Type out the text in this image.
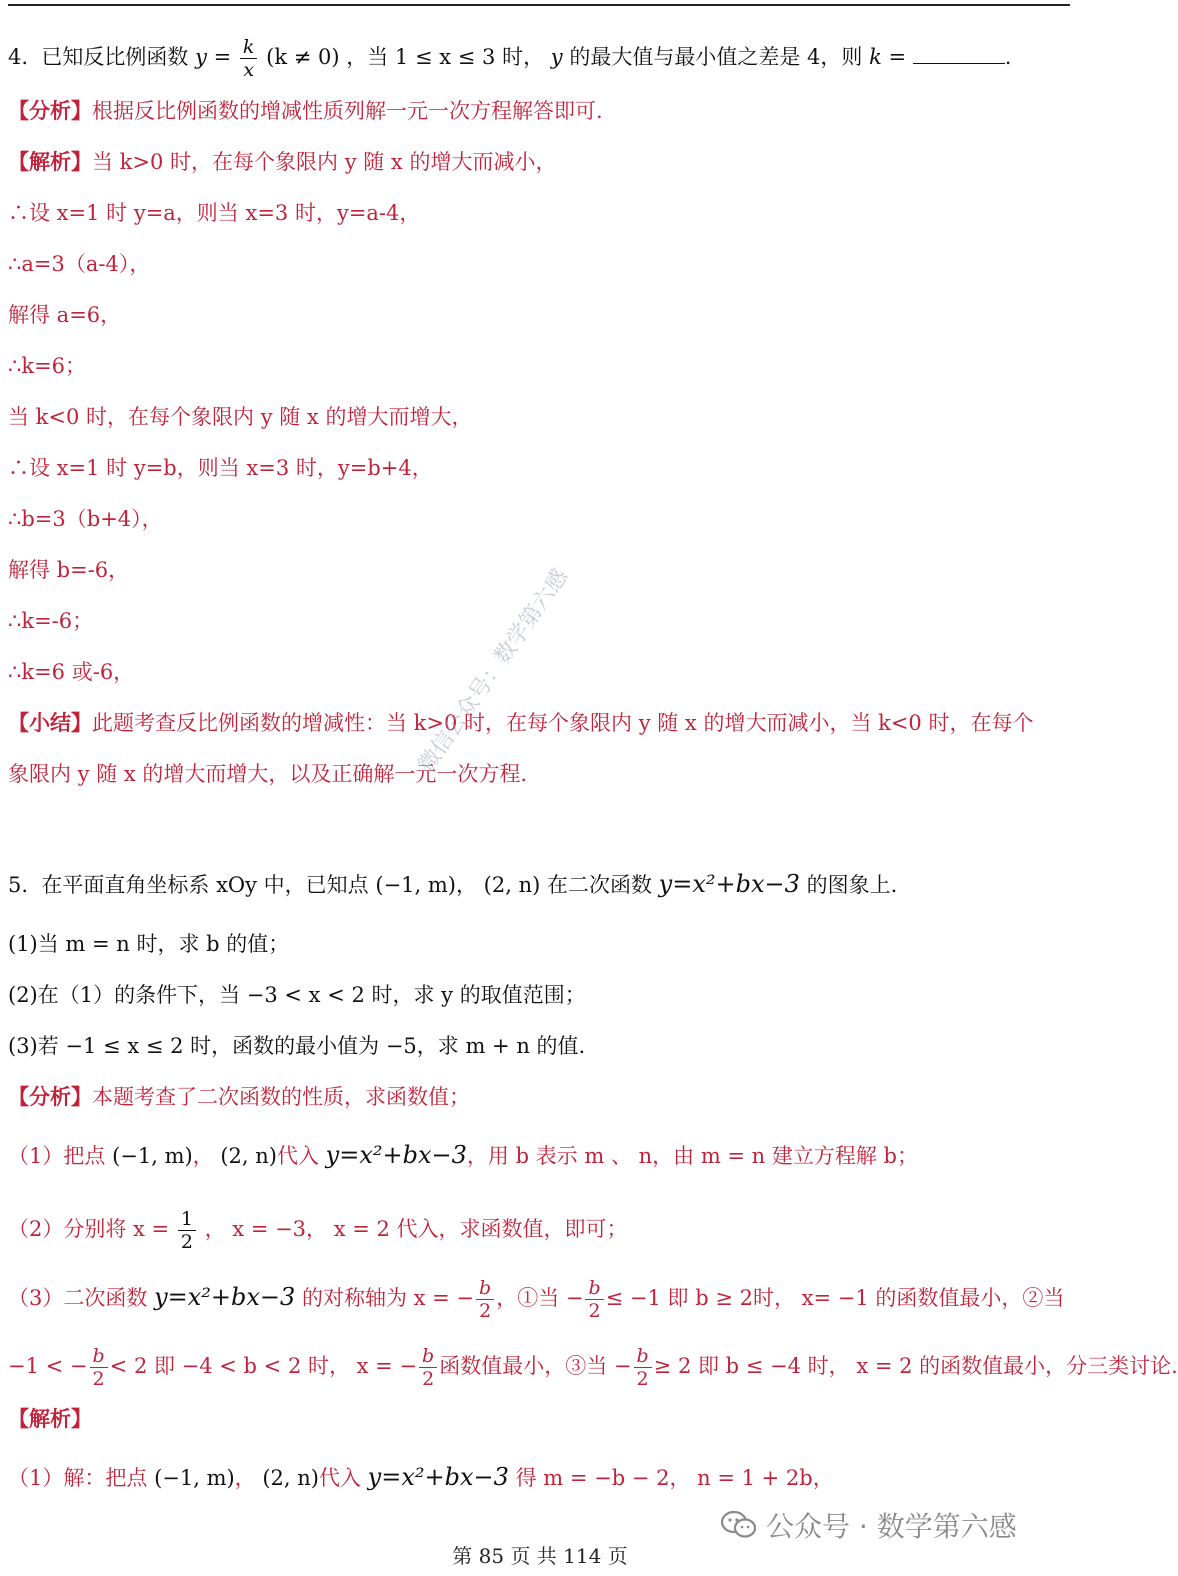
4. 已知反比例函数 $y = \frac{k}{x} (k \ne 0)$ ，当 1 ≤ x ≤ 3 时， y 的最大值与最小值之差是 4，则 k =	.
【分析】根据反比例函数的增减性质列解一元一次方程解答即可.
【解析】当 k>0 时，在每个象限内 y 随 x 的增大而减小，
∴设 x=1 时 y=a，则当 x=3 时，y=a-4，
∴a=3（a-4），
解得 a=6，
∴k=6；
当 k<0 时，在每个象限内 y 随 x 的增大而增大，
∴设 x=1 时 y=b，则当 x=3 时，y=b+4，
∴b=3（b+4），
解得 b=-6，
∴k=-6；
∴k=6 或-6，
【小结】此题考查反比例函数的增减性：当 k>0 时，在每个象限内 y 随 x 的增大而减小，当 k<0 时，在每个
象限内 y 随 x 的增大而增大，以及正确解一元一次方程.
5. 在平面直角坐标系 xOy 中，已知点 (−1, m)， (2, n) 在二次函数 y=x²+bx−3 的图象上.
(1)当 m = n 时，求 b 的值；
(2)在（1）的条件下，当 −3 < x < 2 时，求 y 的取值范围；
(3)若 −1 ≤ x ≤ 2 时，函数的最小值为 −5，求 m + n 的值.
【分析】本题考查了二次函数的性质，求函数值；
（1）把点 (−1, m)， (2, n)代入 y=x²+bx−3，用 b 表示 m 、 n，由 m = n 建立方程解 b；
（2）分别将 $x = \frac{1}{2}$ ， x = −3， x = 2 代入，求函数值，即可；
（3）二次函数 y=x²+bx−3 的对称轴为 x = − $\frac{b}{2}$ ，①当 − $\frac{b}{2} \le -1$ 即 b ≥ 2时， x= −1 的函数值最小，②当
−1 < − $\frac{b}{2} < 2$ 即 −4 < b < 2 时， x = − $\frac{b}{2}$ 函数值最小，③当 − $\frac{b}{2} \ge 2$ 即 b ≤ −4 时， x = 2 的函数值最小，分三类讨论.
【解析】
（1）解：把点 (−1, m)， (2, n)代入 y=x²+bx−3 得 m = −b − 2， n = 1 + 2b，
微信公众号：数学第六感
公众号 · 数学第六感
第 85 页 共 114 页
